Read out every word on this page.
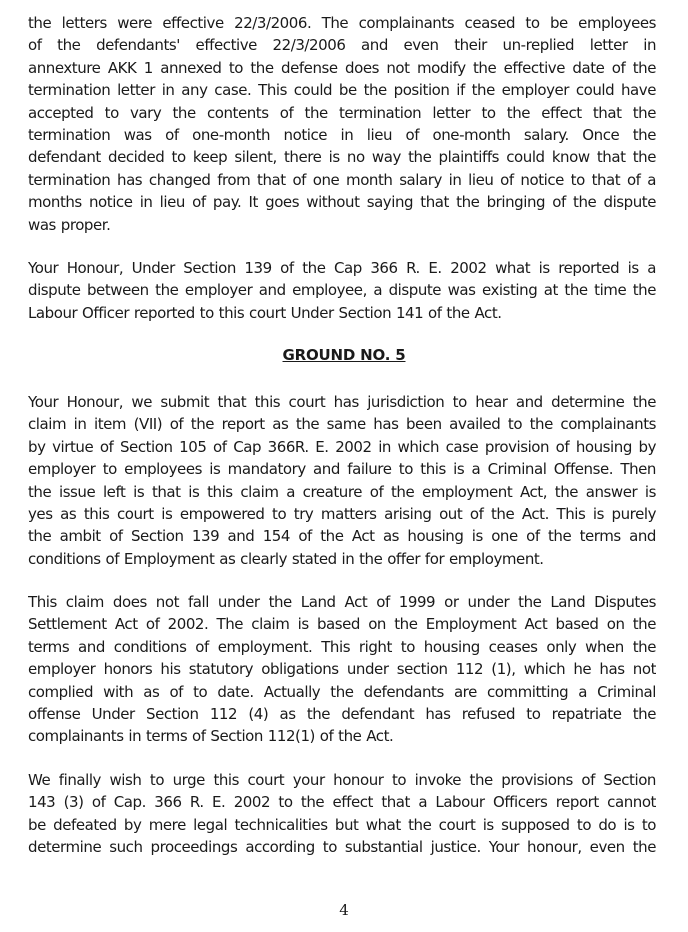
the letters were effective 22/3/2006. The complainants ceased to be employees
of the defendants' effective 22/3/2006 and even their un-replied letter in
annexture AKK 1 annexed to the defense does not modify the effective date of the
termination letter in any case. This could be the position if the employer could have
accepted to vary the contents of the termination letter to the effect that the
termination was of one-month notice in lieu of one-month salary. Once the
defendant decided to keep silent, there is no way the plaintiffs could know that the
termination has changed from that of one month salary in lieu of notice to that of a
months notice in lieu of pay. It goes without saying that the bringing of the dispute
was proper.
Your Honour, Under Section 139 of the Cap 366 R. E. 2002 what is reported is a
dispute between the employer and employee, a dispute was existing at the time the
Labour Officer reported to this court Under Section 141 of the Act.
GROUND NO. 5
Your Honour, we submit that this court has jurisdiction to hear and determine the
claim in item (VII) of the report as the same has been availed to the complainants
by virtue of Section 105 of Cap 366R. E. 2002 in which case provision of housing by
employer to employees is mandatory and failure to this is a Criminal Offense. Then
the issue left is that is this claim a creature of the employment Act, the answer is
yes as this court is empowered to try matters arising out of the Act. This is purely
the ambit of Section 139 and 154 of the Act as housing is one of the terms and
conditions of Employment as clearly stated in the offer for employment.
This claim does not fall under the Land Act of 1999 or under the Land Disputes
Settlement Act of 2002. The claim is based on the Employment Act based on the
terms and conditions of employment. This right to housing ceases only when the
employer honors his statutory obligations under section 112 (1), which he has not
complied with as of to date. Actually the defendants are committing a Criminal
offense Under Section 112 (4) as the defendant has refused to repatriate the
complainants in terms of Section 112(1) of the Act.
We finally wish to urge this court your honour to invoke the provisions of Section
143 (3) of Cap. 366 R. E. 2002 to the effect that a Labour Officers report cannot
be defeated by mere legal technicalities but what the court is supposed to do is to
determine such proceedings according to substantial justice. Your honour, even the
4
